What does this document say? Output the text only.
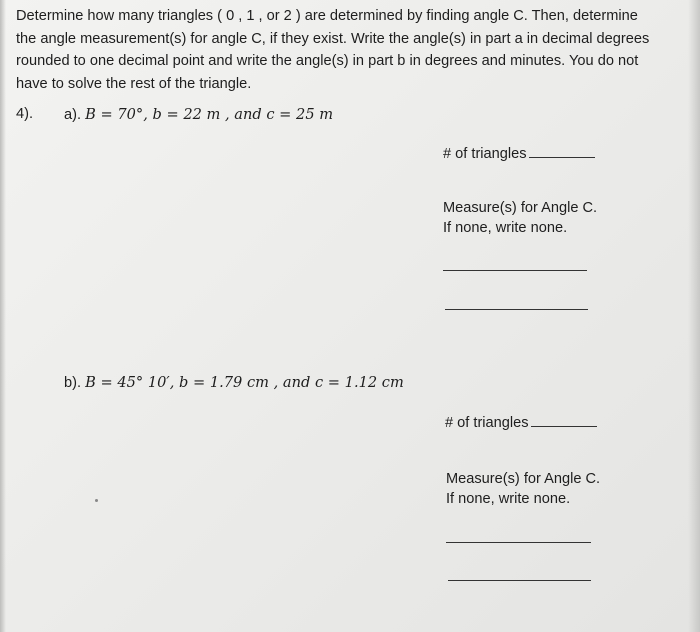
Determine how many triangles ( 0 , 1 , or 2 ) are determined by finding angle C. Then, determine
the angle measurement(s) for angle C, if they exist. Write the angle(s) in part a in decimal degrees
rounded to one decimal point and write the angle(s) in part b in degrees and minutes. You do not
have to solve the rest of the triangle.
4). a). B = 70°, b = 22 m , and c = 25 m
# of triangles
Measure(s) for Angle C.
If none, write none.
b). B = 45° 10′, b = 1.79 cm , and c = 1.12 cm
# of triangles
Measure(s) for Angle C.
If none, write none.
